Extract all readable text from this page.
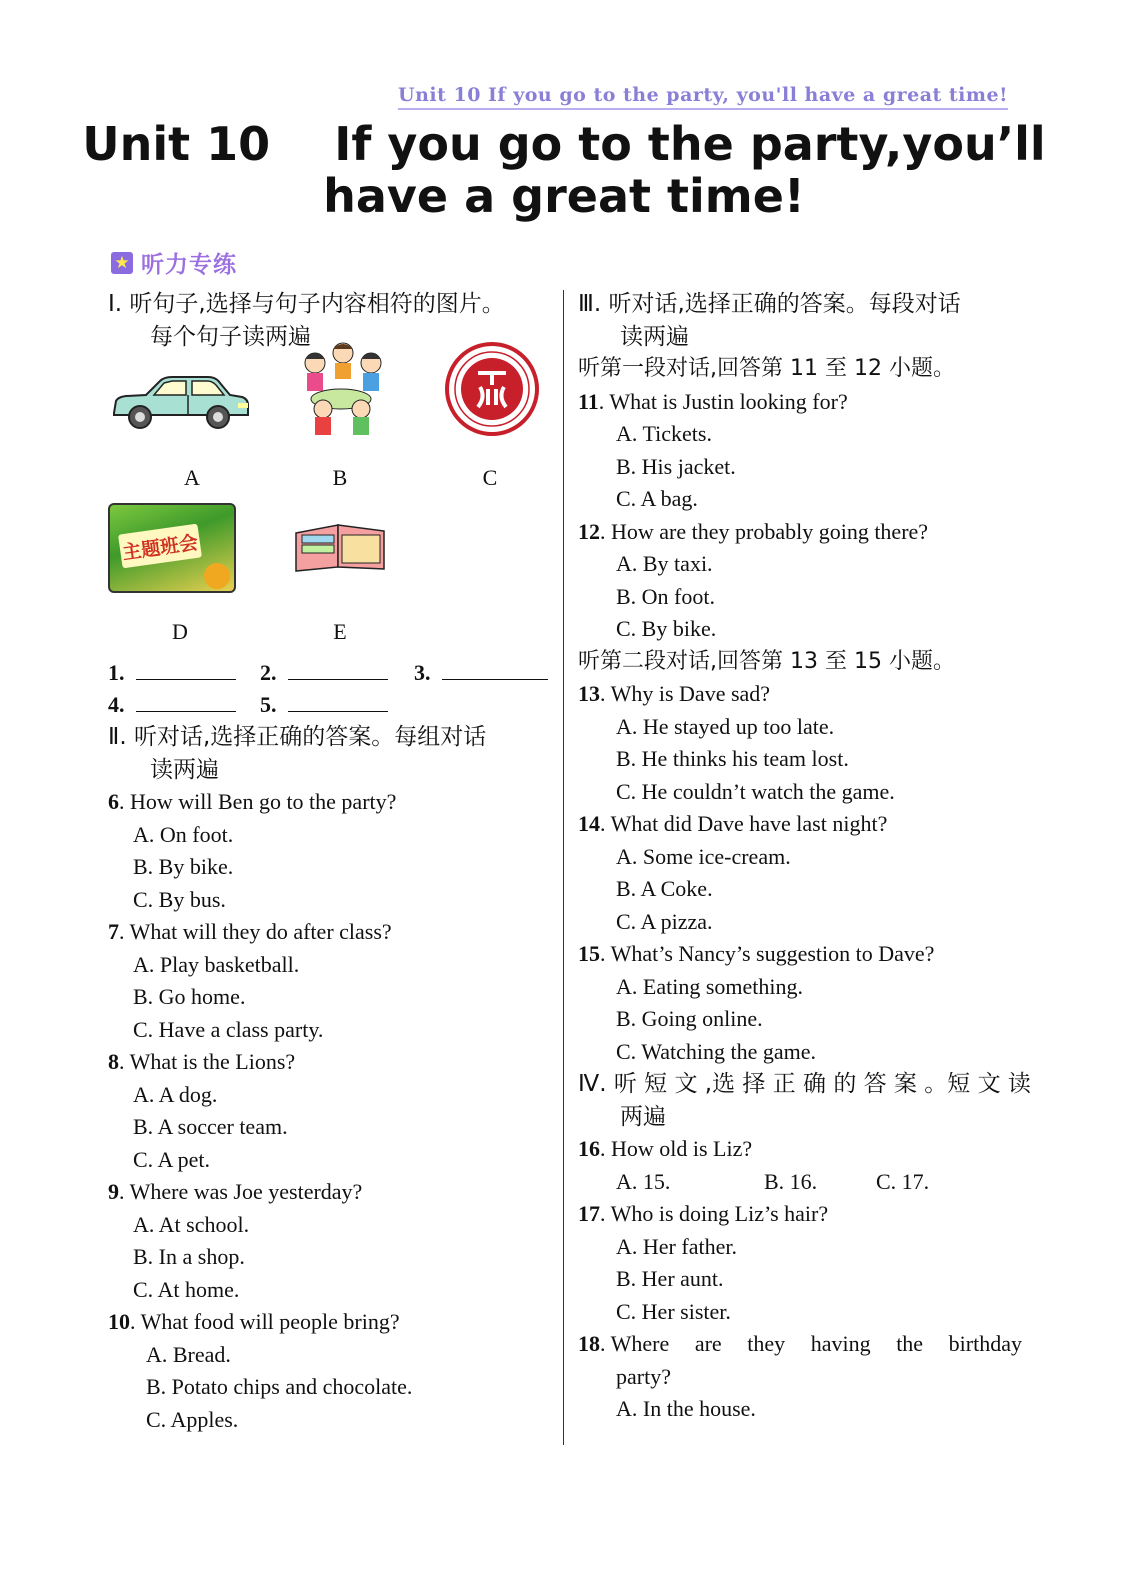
Unit 10 If you go to the party, you'll have a great time!
Unit 10    If you go to the party,you’ll
have a great time!
★ 听力专练
Ⅰ. 听句子,选择与句子内容相符的图片。
每个句子读两遍
A	B	C
主题班会
D	E
1.	2.	3.
4.	5.
Ⅱ. 听对话,选择正确的答案。每组对话
读两遍
6. How will Ben go to the party?
A. On foot.
B. By bike.
C. By bus.
7. What will they do after class?
A. Play basketball.
B. Go home.
C. Have a class party.
8. What is the Lions?
A. A dog.
B. A soccer team.
C. A pet.
9. Where was Joe yesterday?
A. At school.
B. In a shop.
C. At home.
10. What food will people bring?
A. Bread.
B. Potato chips and chocolate.
C. Apples.
Ⅲ. 听对话,选择正确的答案。每段对话
读两遍
听第一段对话,回答第 11 至 12 小题。
11. What is Justin looking for?
A. Tickets.
B. His jacket.
C. A bag.
12. How are they probably going there?
A. By taxi.
B. On foot.
C. By bike.
听第二段对话,回答第 13 至 15 小题。
13. Why is Dave sad?
A. He stayed up too late.
B. He thinks his team lost.
C. He couldn’t watch the game.
14. What did Dave have last night?
A. Some ice-cream.
B. A Coke.
C. A pizza.
15. What’s Nancy’s suggestion to Dave?
A. Eating something.
B. Going online.
C. Watching the game.
Ⅳ. 听 短 文 ,选 择 正 确 的 答 案 。短 文 读
两遍
16. How old is Liz?
A. 15.	B. 16.	C. 17.
17. Who is doing Liz’s hair?
A. Her father.
B. Her aunt.
C. Her sister.
18. Where are they having the birthday
party?
A. In the house.
